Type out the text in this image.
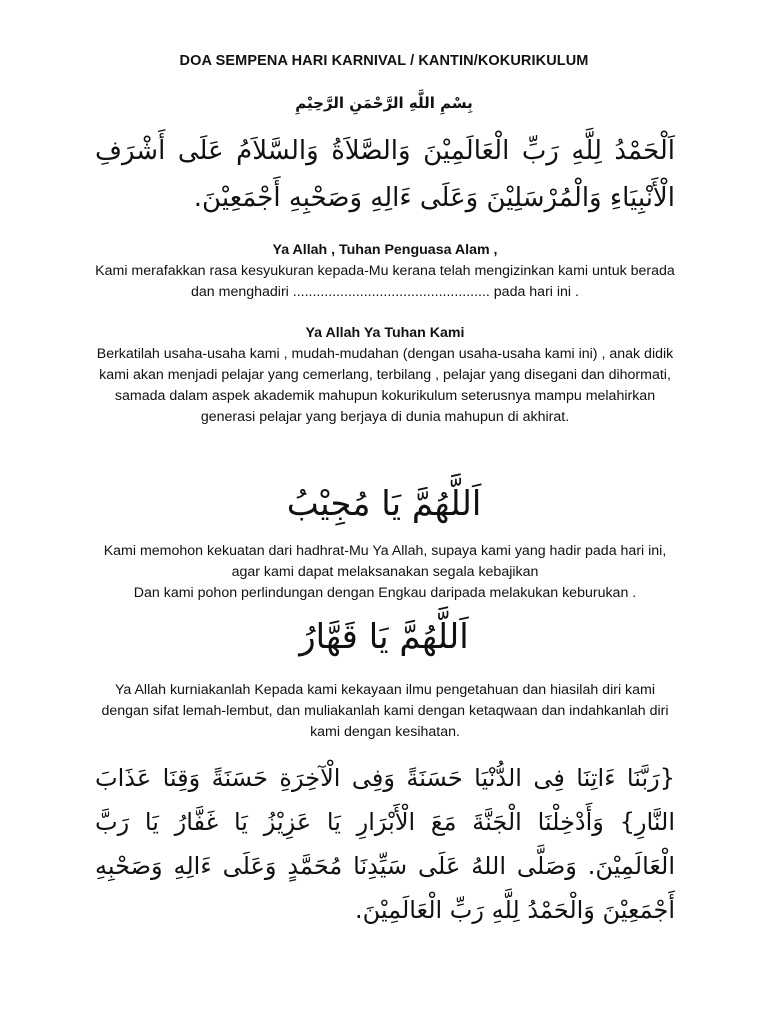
DOA SEMPENA HARI KARNIVAL / KANTIN/KOKURIKULUM
بِسْمِ اللَّهِ الرَّحْمَنِ الرَّحِيْمِ
اَلْحَمْدُ لِلَّهِ رَبِّ الْعَالَمِيْنَ وَالصَّلاَةُ وَالسَّلاَمُ عَلَى أَشْرَفِ الْأَنْبِيَاءِ وَالْمُرْسَلِيْنَ وَعَلَى ءَالِهِ وَصَحْبِهِ أَجْمَعِيْنَ.
Ya Allah , Tuhan Penguasa Alam ,
Kami merafakkan rasa kesyukuran kepada-Mu kerana telah mengizinkan kami untuk berada dan menghadiri .................................................. pada hari ini .
Ya Allah Ya Tuhan Kami
Berkatilah usaha-usaha kami , mudah-mudahan (dengan usaha-usaha kami ini) , anak didik kami akan menjadi pelajar yang cemerlang, terbilang , pelajar yang disegani dan dihormati, samada dalam aspek akademik mahupun kokurikulum seterusnya mampu melahirkan generasi pelajar yang berjaya di dunia mahupun di akhirat.
اَللَّهُمَّ يَا مُجِيْبُ
Kami memohon kekuatan dari hadhrat-Mu Ya Allah, supaya kami yang hadir pada hari ini, agar kami dapat melaksanakan segala kebajikan
Dan kami pohon perlindungan dengan Engkau daripada melakukan keburukan .
اَللَّهُمَّ يَا قَهَّارُ
Ya Allah kurniakanlah Kepada kami kekayaan ilmu pengetahuan dan hiasilah diri kami dengan sifat lemah-lembut, dan muliakanlah kami dengan ketaqwaan dan indahkanlah diri kami dengan kesihatan.
{رَبَّنَا ءَاتِنَا فِى الدُّنْيَا حَسَنَةً وَفِى الْآخِرَةِ حَسَنَةً وَقِنَا عَذَابَ النَّارِ} وَأَدْخِلْنَا الْجَنَّةَ مَعَ الْأَبْرَارِ يَا عَزِيْزُ يَا غَفَّارُ يَا رَبَّ الْعَالَمِيْنَ. وَصَلَّى اللهُ عَلَى سَيِّدِنَا مُحَمَّدٍ وَعَلَى ءَالِهِ وَصَحْبِهِ أَجْمَعِيْنَ وَالْحَمْدُ لِلَّهِ رَبِّ الْعَالَمِيْنَ.
